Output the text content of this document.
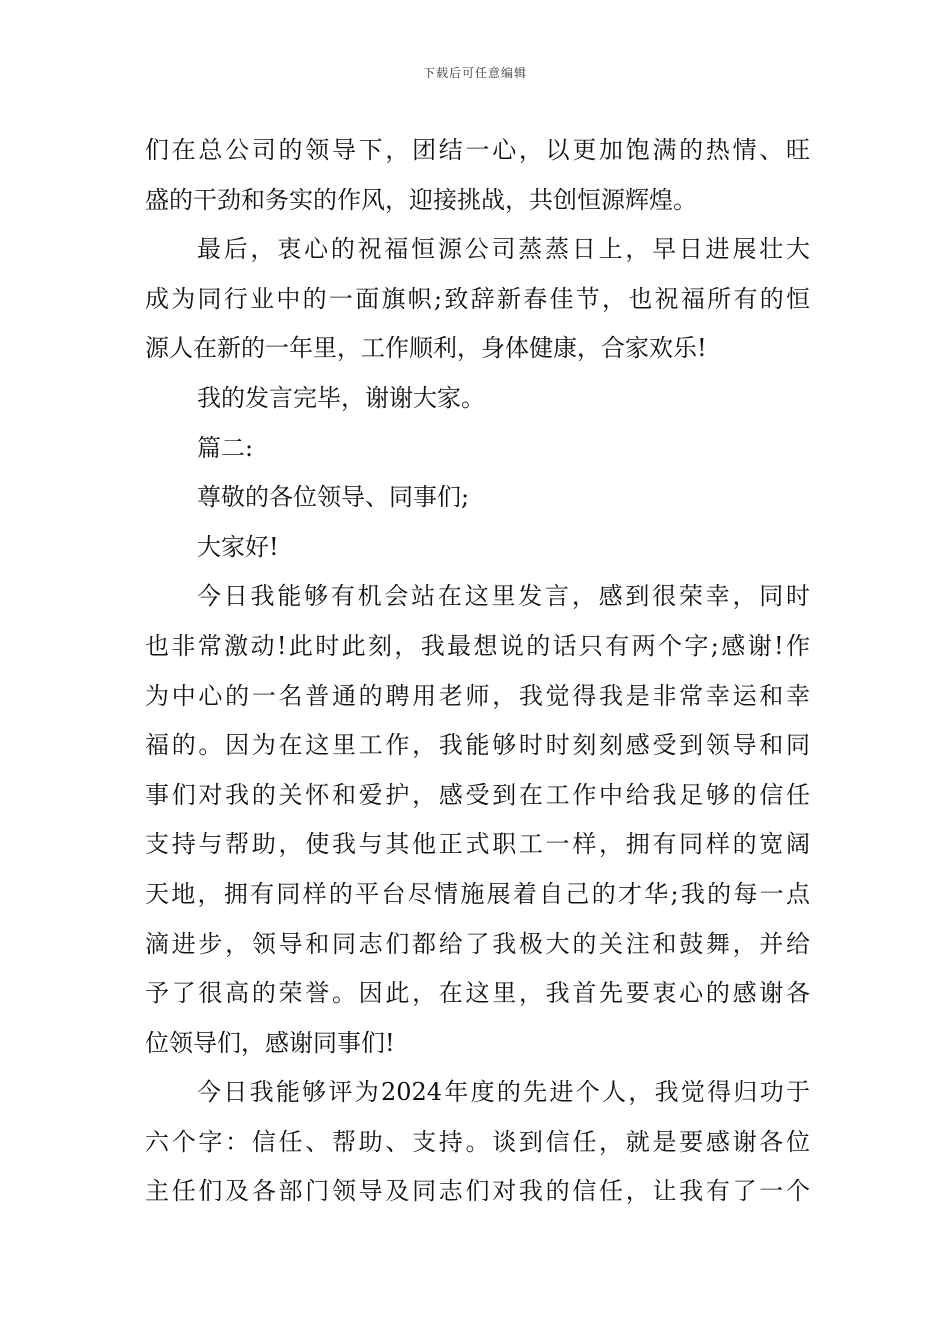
下载后可任意编辑
们在总公司的领导下，团结一心，以更加饱满的热情、旺
盛的干劲和务实的作风，迎接挑战，共创恒源辉煌。
最后，衷心的祝福恒源公司蒸蒸日上，早日进展壮大
成为同行业中的一面旗帜;致辞新春佳节，也祝福所有的恒
源人在新的一年里，工作顺利，身体健康，合家欢乐!
我的发言完毕，谢谢大家。
篇二:
尊敬的各位领导、同事们;
大家好!
今日我能够有机会站在这里发言，感到很荣幸，同时
也非常激动!此时此刻，我最想说的话只有两个字;感谢!作
为中心的一名普通的聘用老师，我觉得我是非常幸运和幸
福的。因为在这里工作，我能够时时刻刻感受到领导和同
事们对我的关怀和爱护，感受到在工作中给我足够的信任
支持与帮助，使我与其他正式职工一样，拥有同样的宽阔
天地，拥有同样的平台尽情施展着自己的才华;我的每一点
滴进步，领导和同志们都给了我极大的关注和鼓舞，并给
予了很高的荣誉。因此，在这里，我首先要衷心的感谢各
位领导们，感谢同事们!
今日我能够评为2024年度的先进个人，我觉得归功于
六个字：信任、帮助、支持。谈到信任，就是要感谢各位
主任们及各部门领导及同志们对我的信任，让我有了一个
